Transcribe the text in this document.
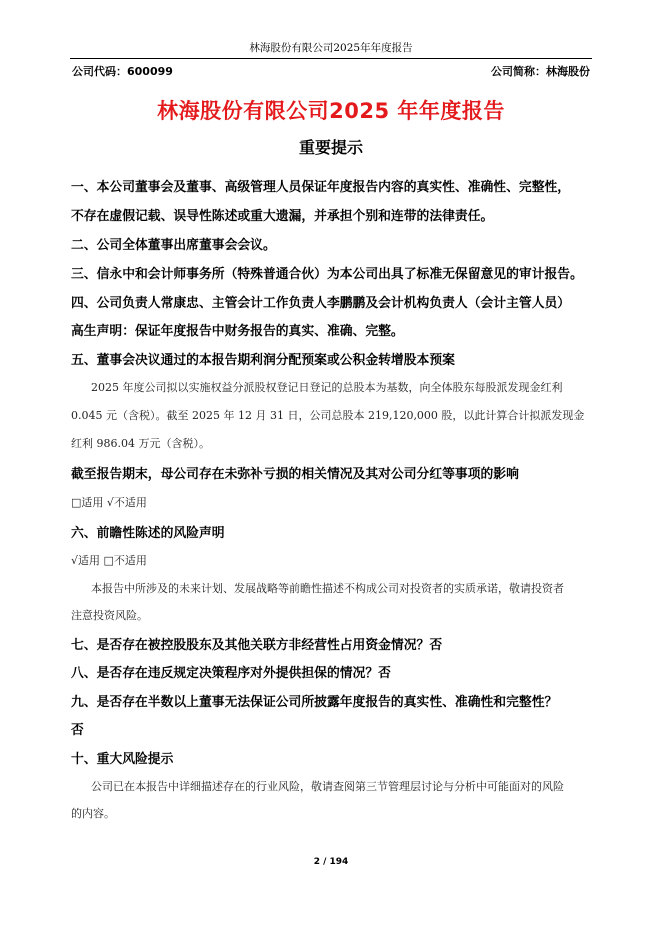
林海股份有限公司2025年年度报告
公司代码：600099	公司简称：林海股份
林海股份有限公司2025 年年度报告
重要提示
一、本公司董事会及董事、高级管理人员保证年度报告内容的真实性、准确性、完整性，
不存在虚假记载、误导性陈述或重大遗漏，并承担个别和连带的法律责任。
二、公司全体董事出席董事会会议。
三、信永中和会计师事务所（特殊普通合伙）为本公司出具了标准无保留意见的审计报告。
四、公司负责人常康忠、主管会计工作负责人李鹏鹏及会计机构负责人（会计主管人员）
高生声明：保证年度报告中财务报告的真实、准确、完整。
五、董事会决议通过的本报告期利润分配预案或公积金转增股本预案
2025 年度公司拟以实施权益分派股权登记日登记的总股本为基数，向全体股东每股派发现金红利
0.045 元（含税）。截至 2025 年 12 月 31 日，公司总股本 219,120,000 股，以此计算合计拟派发现金
红利 986.04 万元（含税）。
截至报告期末，母公司存在未弥补亏损的相关情况及其对公司分红等事项的影响
□适用 √不适用
六、前瞻性陈述的风险声明
√适用 □不适用
本报告中所涉及的未来计划、发展战略等前瞻性描述不构成公司对投资者的实质承诺，敬请投资者
注意投资风险。
七、是否存在被控股股东及其他关联方非经营性占用资金情况？否
八、是否存在违反规定决策程序对外提供担保的情况？否
九、是否存在半数以上董事无法保证公司所披露年度报告的真实性、准确性和完整性？
否
十、重大风险提示
公司已在本报告中详细描述存在的行业风险，敬请查阅第三节管理层讨论与分析中可能面对的风险
的内容。
2 / 194
